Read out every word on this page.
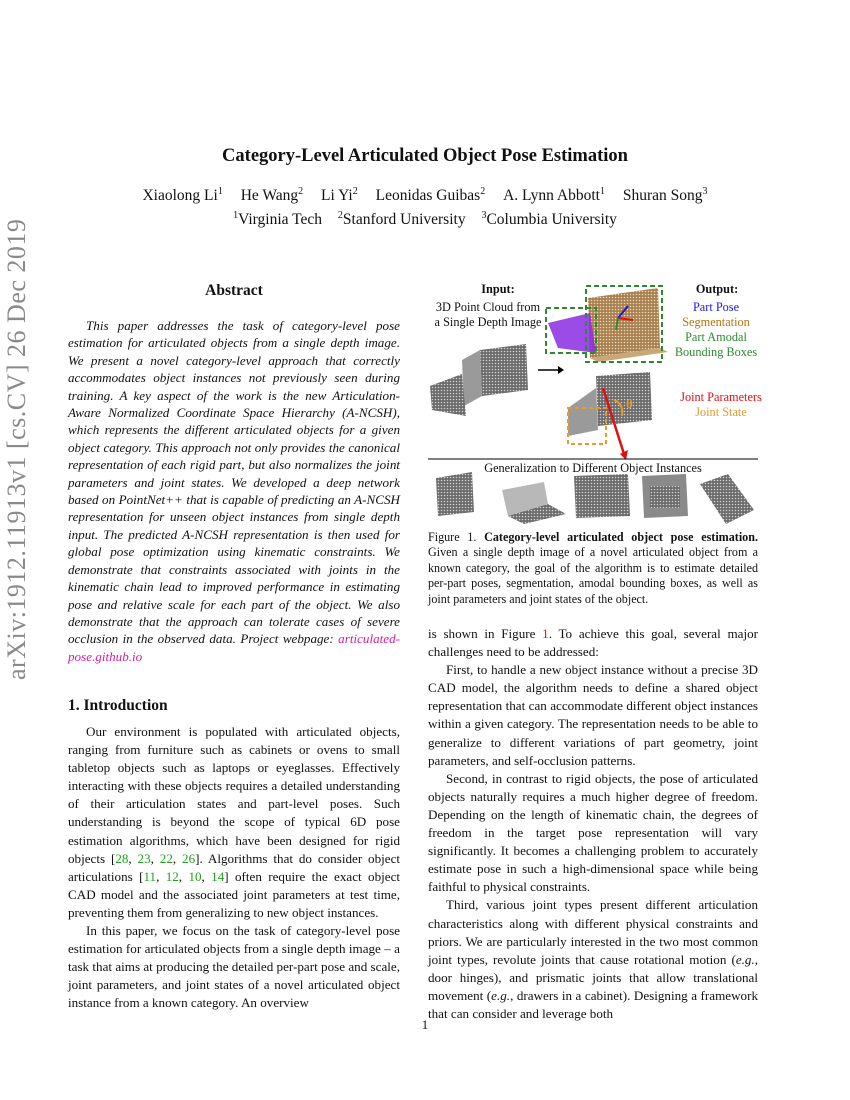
arXiv:1912.11913v1 [cs.CV] 26 Dec 2019
Category-Level Articulated Object Pose Estimation
Xiaolong Li$^1$ He Wang$^2$ Li Yi$^2$ Leonidas Guibas$^2$ A. Lynn Abbott$^1$ Shuran Song$^3$
$^1$Virginia Tech $^2$Stanford University $^3$Columbia University
Abstract

This paper addresses the task of category-level pose estimation for articulated objects from a single depth image. We present a novel category-level approach that correctly accommodates object instances not previously seen during training. A key aspect of the work is the new Articulation-Aware Normalized Coordinate Space Hierarchy (A-NCSH), which represents the different articulated objects for a given object category. This approach not only provides the canonical representation of each rigid part, but also normalizes the joint parameters and joint states. We developed a deep network based on PointNet++ that is capable of predicting an A-NCSH representation for unseen object instances from single depth input. The predicted A-NCSH representation is then used for global pose optimization using kinematic constraints. We demonstrate that constraints associated with joints in the kinematic chain lead to improved performance in estimating pose and relative scale for each part of the object. We also demonstrate that the approach can tolerate cases of severe occlusion in the observed data. Project webpage: articulated-pose.github.io

1. Introduction

Our environment is populated with articulated objects, ranging from furniture such as cabinets or ovens to small tabletop objects such as laptops or eyeglasses. Effectively interacting with these objects requires a detailed understanding of their articulation states and part-level poses. Such understanding is beyond the scope of typical 6D pose estimation algorithms, which have been designed for rigid objects [28, 23, 22, 26]. Algorithms that do consider object articulations [11, 12, 10, 14] often require the exact object CAD model and the associated joint parameters at test time, preventing them from generalizing to new object instances.

In this paper, we focus on the task of category-level pose estimation for articulated objects from a single depth image – a task that aims at producing the detailed per-part pose and scale, joint parameters, and joint states of a novel articulated object instance from a known category. An overview

Input:
3D Point Cloud from
a Single Depth Image
Output:
Part Pose
Segmentation
Part Amodal
Bounding Boxes
Joint Parameters
Joint State
θ
Generalization to Different Object Instances
Figure 1. Category-level articulated object pose estimation. Given a single depth image of a novel articulated object from a known category, the goal of the algorithm is to estimate detailed per-part poses, segmentation, amodal bounding boxes, as well as joint parameters and joint states of the object.

is shown in Figure 1. To achieve this goal, several major challenges need to be addressed:

First, to handle a new object instance without a precise 3D CAD model, the algorithm needs to define a shared object representation that can accommodate different object instances within a given category. The representation needs to be able to generalize to different variations of part geometry, joint parameters, and self-occlusion patterns.

Second, in contrast to rigid objects, the pose of articulated objects naturally requires a much higher degree of freedom. Depending on the length of kinematic chain, the degrees of freedom in the target pose representation will vary significantly. It becomes a challenging problem to accurately estimate pose in such a high-dimensional space while being faithful to physical constraints.

Third, various joint types present different articulation characteristics along with different physical constraints and priors. We are particularly interested in the two most common joint types, revolute joints that cause rotational motion (e.g., door hinges), and prismatic joints that allow translational movement (e.g., drawers in a cabinet). Designing a framework that can consider and leverage both

1
